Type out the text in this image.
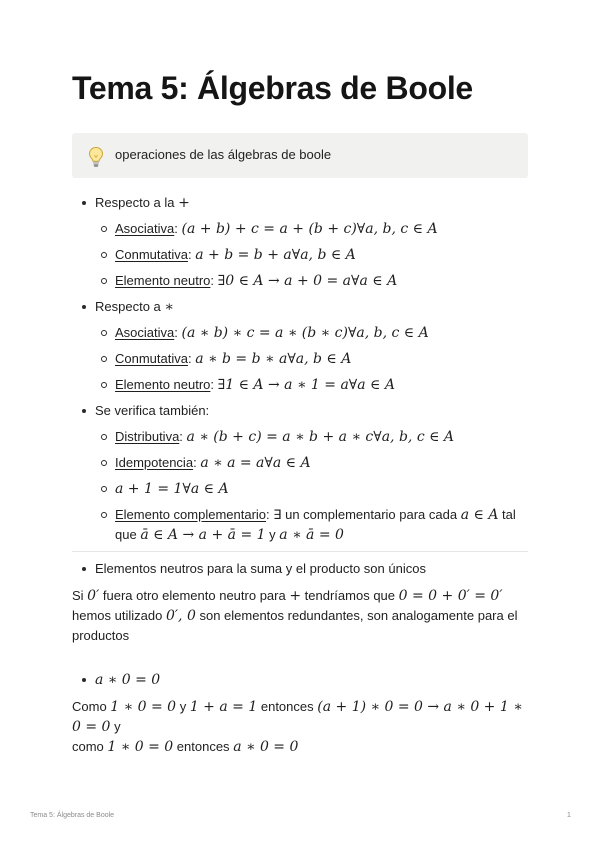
Tema 5: Álgebras de Boole
operaciones de las álgebras de boole
Respecto a la +
Asociativa: (a + b) + c = a + (b + c)∀a, b, c ∈ A
Conmutativa: a + b = b + a∀a, b ∈ A
Elemento neutro: ∃0 ∈ A → a + 0 = a∀a ∈ A
Respecto a ∗
Asociativa: (a ∗ b) ∗ c = a ∗ (b ∗ c)∀a, b, c ∈ A
Conmutativa: a ∗ b = b ∗ a∀a, b ∈ A
Elemento neutro: ∃1 ∈ A → a ∗ 1 = a∀a ∈ A
Se verifica también:
Distributiva: a ∗ (b + c) = a ∗ b + a ∗ c∀a, b, c ∈ A
Idempotencia: a ∗ a = a∀a ∈ A
a + 1 = 1∀a ∈ A
Elemento complementario: ∃ un complementario para cada a ∈ A tal
que ā ∈ A → a + ā = 1 y a ∗ ā = 0
Elementos neutros para la suma y el producto son únicos
Si 0′ fuera otro elemento neutro para + tendríamos que 0 = 0 + 0′ = 0′
hemos utilizado 0′, 0 son elementos redundantes, son analogamente para el
productos
a ∗ 0 = 0
Como 1 ∗ 0 = 0 y 1 + a = 1 entonces (a + 1) ∗ 0 = 0 → a ∗ 0 + 1 ∗ 0 = 0 y
como 1 ∗ 0 = 0 entonces a ∗ 0 = 0
Tema 5: Álgebras de Boole	1
